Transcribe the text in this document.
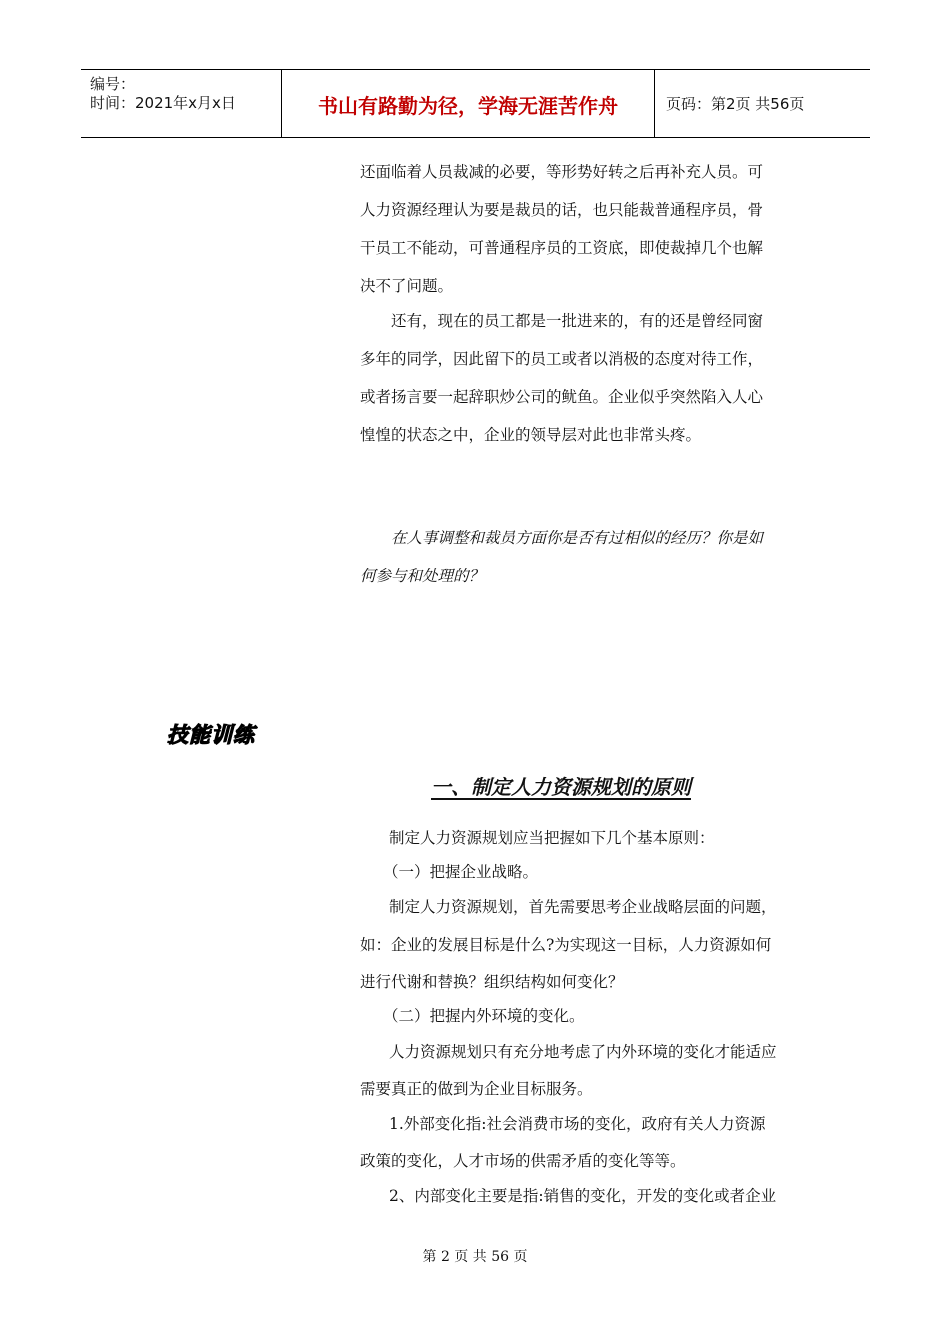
编号：
时间：2021年x月x日	书山有路勤为径，学海无涯苦作舟	页码：第2页 共56页
还面临着人员裁减的必要，等形势好转之后再补充人员。可
人力资源经理认为要是裁员的话，也只能裁普通程序员，骨
干员工不能动，可普通程序员的工资底，即使裁掉几个也解
决不了问题。
还有，现在的员工都是一批进来的，有的还是曾经同窗
多年的同学，因此留下的员工或者以消极的态度对待工作，
或者扬言要一起辞职炒公司的鱿鱼。企业似乎突然陷入人心
惶惶的状态之中，企业的领导层对此也非常头疼。
在人事调整和裁员方面你是否有过相似的经历？你是如
何参与和处理的？
技能训练
一、制定人力资源规划的原则
制定人力资源规划应当把握如下几个基本原则：
（一）把握企业战略。
制定人力资源规划，首先需要思考企业战略层面的问题，
如：企业的发展目标是什么?为实现这一目标，人力资源如何
进行代谢和替换？组织结构如何变化？
（二）把握内外环境的变化。
人力资源规划只有充分地考虑了内外环境的变化才能适应
需要真正的做到为企业目标服务。
1.外部变化指:社会消费市场的变化，政府有关人力资源
政策的变化，人才市场的供需矛盾的变化等等。
2、内部变化主要是指:销售的变化，开发的变化或者企业
第 2 页 共 56 页
